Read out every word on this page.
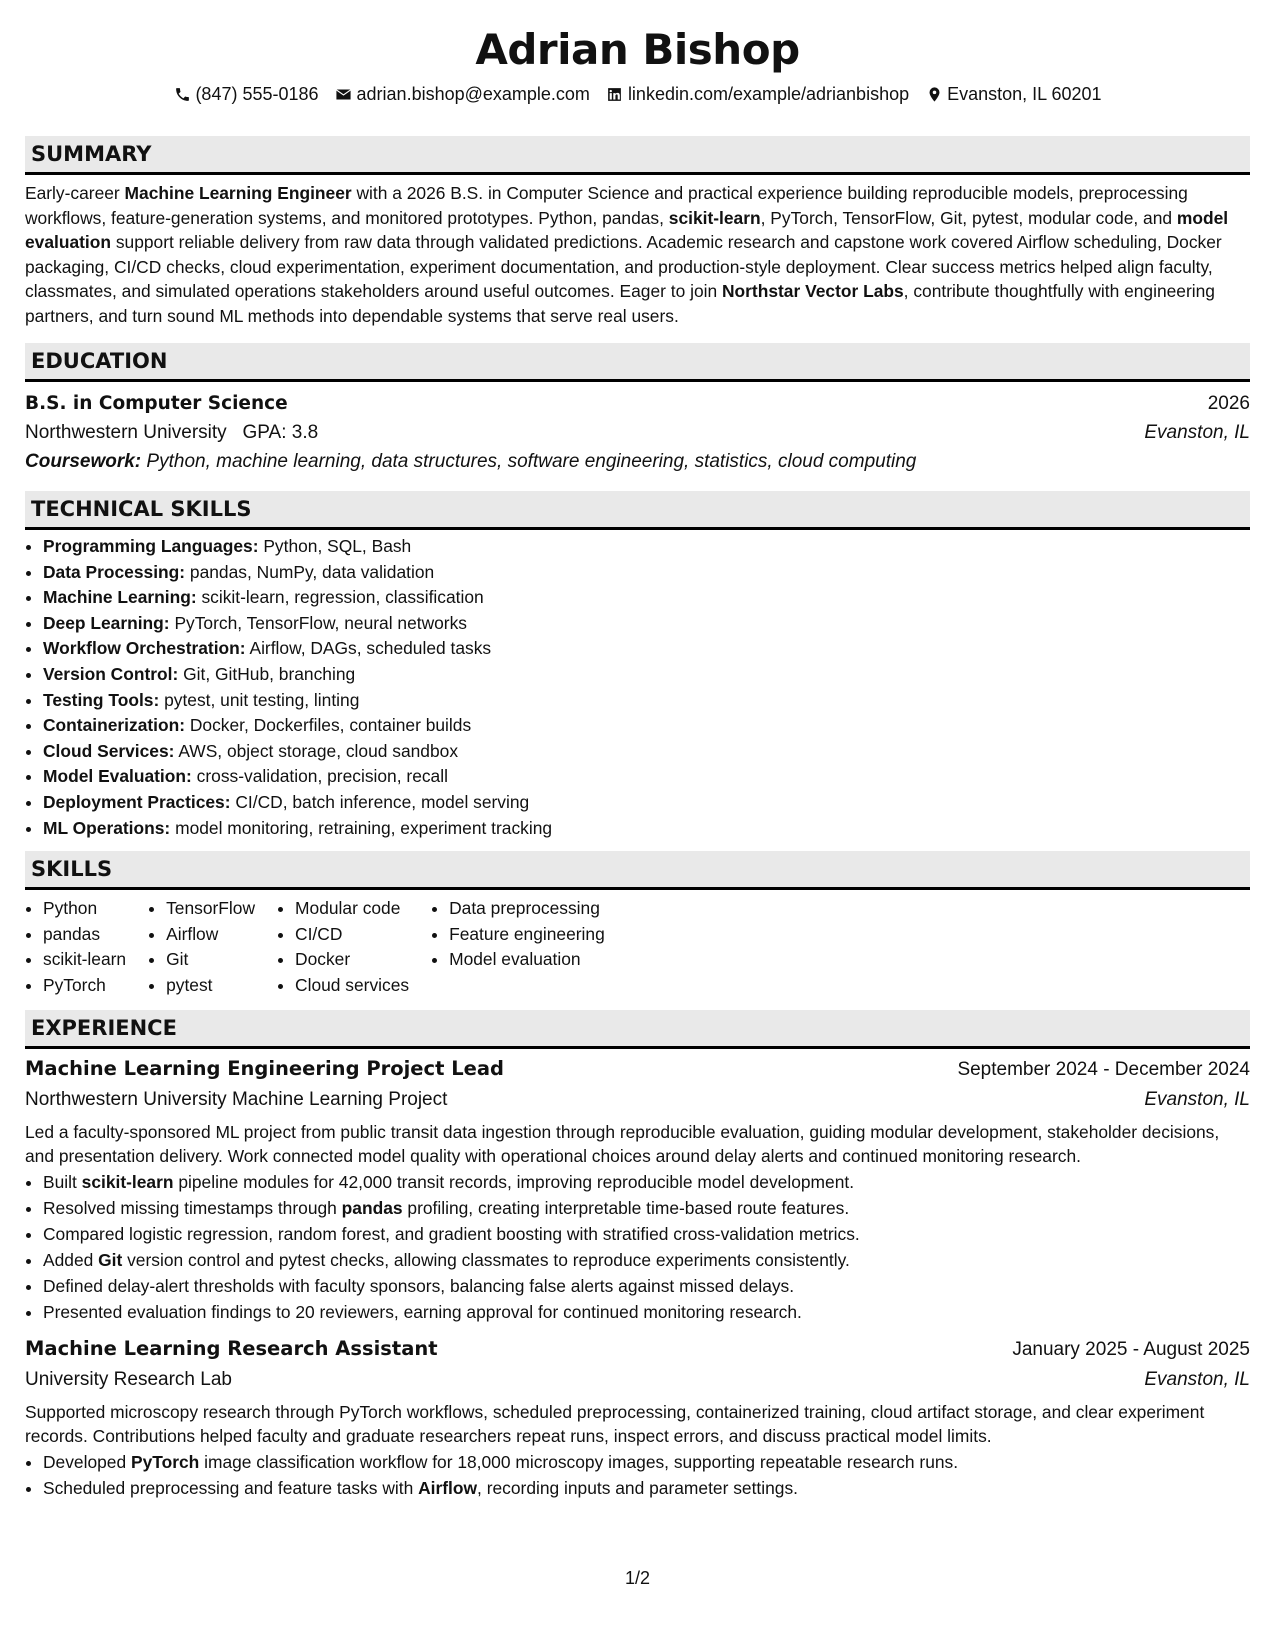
Adrian Bishop
(847) 555-0186 adrian.bishop@example.com linkedin.com/example/adrianbishop Evanston, IL 60201
SUMMARY

Early-career Machine Learning Engineer with a 2026 B.S. in Computer Science and practical experience building reproducible models, preprocessing workflows, feature-generation systems, and monitored prototypes. Python, pandas, scikit-learn, PyTorch, TensorFlow, Git, pytest, modular code, and model evaluation support reliable delivery from raw data through validated predictions. Academic research and capstone work covered Airflow scheduling, Docker packaging, CI/CD checks, cloud experimentation, experiment documentation, and production-style deployment. Clear success metrics helped align faculty, classmates, and simulated operations stakeholders around useful outcomes. Eager to join Northstar Vector Labs, contribute thoughtfully with engineering partners, and turn sound ML methods into dependable systems that serve real users.

EDUCATION
B.S. in Computer Science	2026
Northwestern University GPA: 3.8	Evanston, IL
Coursework: Python, machine learning, data structures, software engineering, statistics, cloud computing
TECHNICAL SKILLS
• Programming Languages: Python, SQL, Bash
• Data Processing: pandas, NumPy, data validation
• Machine Learning: scikit-learn, regression, classification
• Deep Learning: PyTorch, TensorFlow, neural networks
• Workflow Orchestration: Airflow, DAGs, scheduled tasks
• Version Control: Git, GitHub, branching
• Testing Tools: pytest, unit testing, linting
• Containerization: Docker, Dockerfiles, container builds
• Cloud Services: AWS, object storage, cloud sandbox
• Model Evaluation: cross-validation, precision, recall
• Deployment Practices: CI/CD, batch inference, model serving
• ML Operations: model monitoring, retraining, experiment tracking
SKILLS
• Python
• pandas
• scikit-learn
• PyTorch
• TensorFlow
• Airflow
• Git
• pytest
• Modular code
• CI/CD
• Docker
• Cloud services
• Data preprocessing
• Feature engineering
• Model evaluation
EXPERIENCE
Machine Learning Engineering Project Lead	September 2024 - December 2024
Northwestern University Machine Learning Project	Evanston, IL

Led a faculty-sponsored ML project from public transit data ingestion through reproducible evaluation, guiding modular development, stakeholder decisions, and presentation delivery. Work connected model quality with operational choices around delay alerts and continued monitoring research.

• Built scikit-learn pipeline modules for 42,000 transit records, improving reproducible model development.
• Resolved missing timestamps through pandas profiling, creating interpretable time-based route features.
• Compared logistic regression, random forest, and gradient boosting with stratified cross-validation metrics.
• Added Git version control and pytest checks, allowing classmates to reproduce experiments consistently.
• Defined delay-alert thresholds with faculty sponsors, balancing false alerts against missed delays.
• Presented evaluation findings to 20 reviewers, earning approval for continued monitoring research.
Machine Learning Research Assistant	January 2025 - August 2025
University Research Lab	Evanston, IL

Supported microscopy research through PyTorch workflows, scheduled preprocessing, containerized training, cloud artifact storage, and clear experiment records. Contributions helped faculty and graduate researchers repeat runs, inspect errors, and discuss practical model limits.

• Developed PyTorch image classification workflow for 18,000 microscopy images, supporting repeatable research runs.
• Scheduled preprocessing and feature tasks with Airflow, recording inputs and parameter settings.
1/2
